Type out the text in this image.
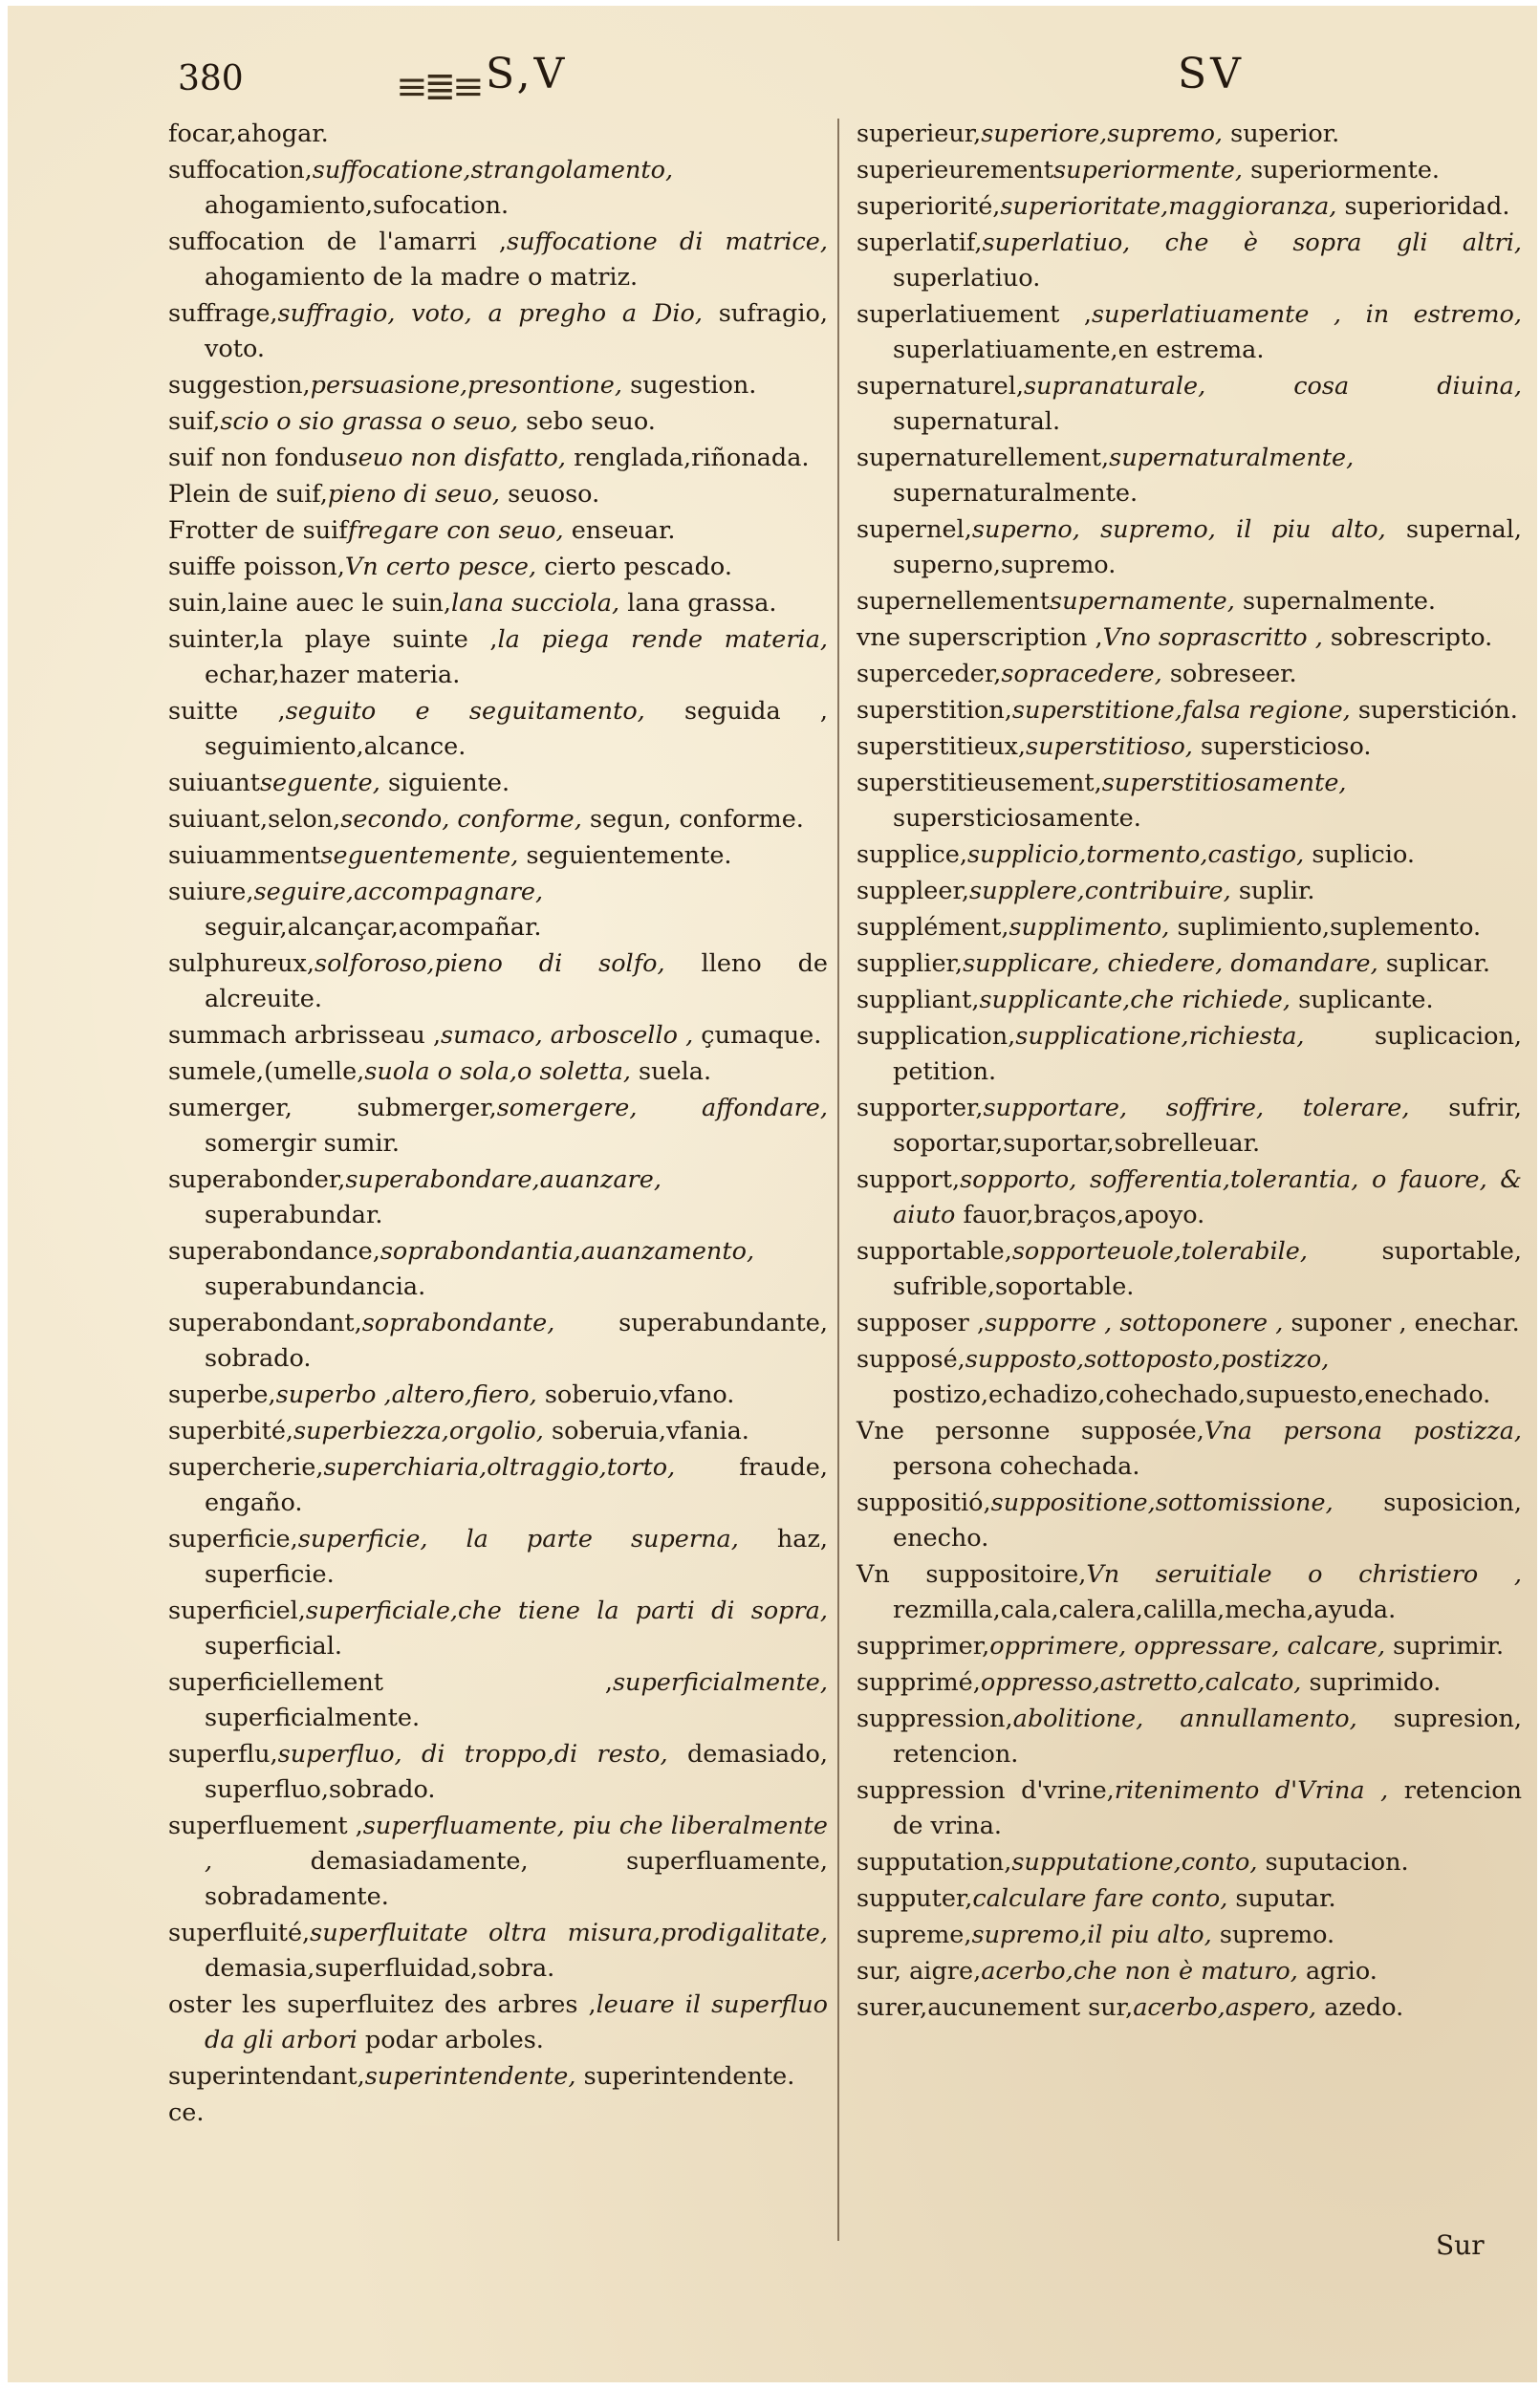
380	≡≣≡ S,V	SV
focar,ahogar.
suffocation,suffocatione,strangolamento, ahogamiento,sufocation.
suffocation de l'amarri ,suffocatione di matrice, ahogamiento de la madre o matriz.
suffrage,suffragio, voto, a pregho a Dio, sufragio, voto.
suggestion,persuasione,presontione, sugestion.
suif,scio o sio grassa o seuo, sebo seuo.
suif non fonduseuo non disfatto, renglada,riñonada.
Plein de suif,pieno di seuo, seuoso.
Frotter de suiffregare con seuo, enseuar.
suiffe poisson,Vn certo pesce, cierto pescado.
suin,laine auec le suin,lana succiola, lana grassa.
suinter,la playe suinte ,la piega rende materia, echar,hazer materia.
suitte ,seguito e seguitamento, seguida , seguimiento,alcance.
suiuantseguente, siguiente.
suiuant,selon,secondo, conforme, segun, conforme.
suiuammentseguentemente, seguientemente.
suiure,seguire,accompagnare, seguir,alcançar,acompañar.
sulphureux,solforoso,pieno di solfo, lleno de alcreuite.
summach arbrisseau ,sumaco, arboscello , çumaque.
sumele,(umelle,suola o sola,o soletta, suela.
sumerger, submerger,somergere, affondare, somergir sumir.
superabonder,superabondare,auanzare, superabundar.
superabondance,soprabondantia,auanzamento, superabundancia.
superabondant,soprabondante,	superabundante, sobrado.
superbe,superbo ,altero,fiero, soberuio,vfano.
superbité,superbiezza,orgolio, soberuia,vfania.
supercherie,superchiaria,oltraggio,torto,	fraude, engaño.
superficie,superficie, la parte superna, haz, superficie.
superficiel,superficiale,che tiene la parti di sopra, superficial.
superficiellement ,superficialmente, superficialmente.
superflu,superfluo, di troppo,di resto, demasiado, superfluo,sobrado.
superfluement ,superfluamente, piu che liberalmente ,	demasiadamente, superfluamente, sobradamente.
superfluité,superfluitate oltra misura,prodigalitate, demasia,superfluidad,sobra.
oster les superfluitez des arbres ,leuare il superfluo da gli arbori podar arboles.
superintendant,superintendente, superintendente.
ce.
superieur,superiore,supremo, superior.
superieurementsuperiormente, superiormente.
superiorité,superioritate,maggioranza, superioridad.
superlatif,superlatiuo, che è sopra gli altri, superlatiuo.
superlatiuement ,superlatiuamente , in estremo, superlatiuamente,en estrema.
supernaturel,supranaturale, cosa diuina, supernatural.
supernaturellement,supernaturalmente, supernaturalmente.
supernel,superno, supremo, il piu alto, supernal, superno,supremo.
supernellementsupernamente, supernalmente.
vne superscription ,Vno soprascritto , sobrescripto.
superceder,sopracedere, sobreseer.
superstition,superstitione,falsa regione, superstición.
superstitieux,superstitioso, supersticioso.
superstitieusement,superstitiosamente, supersticiosamente.
supplice,supplicio,tormento,castigo, suplicio.
suppleer,supplere,contribuire, suplir.
supplément,supplimento, suplimiento,suplemento.
supplier,supplicare, chiedere, domandare, suplicar.
suppliant,supplicante,che richiede, suplicante.
supplication,supplicatione,richiesta,	suplicacion, petition.
supporter,supportare, soffrire, tolerare, sufrir, soportar,suportar,sobrelleuar.
support,sopporto, sofferentia,tolerantia, o fauore, & aiuto fauor,braços,apoyo.
supportable,sopporteuole,tolerabile,	suportable, sufrible,soportable.
supposer ,supporre , sottoponere , suponer , enechar.
supposé,supposto,sottoposto,postizzo, postizo,echadizo,cohechado,supuesto,enechado.
Vne personne supposée,Vna persona postizza, persona cohechada.
suppositió,suppositione,sottomissione, suposicion, enecho.
Vn suppositoire,Vn seruitiale o christiero , rezmilla,cala,calera,calilla,mecha,ayuda.
supprimer,opprimere, oppressare, calcare, suprimir.
supprimé,oppresso,astretto,calcato, suprimido.
suppression,abolitione, annullamento, supresion, retencion.
suppression d'vrine,ritenimento d'Vrina , retencion de vrina.
supputation,supputatione,conto, suputacion.
supputer,calculare fare conto, suputar.
supreme,supremo,il piu alto, supremo.
sur, aigre,acerbo,che non è maturo, agrio.
surer,aucunement sur,acerbo,aspero, azedo.
Sur
